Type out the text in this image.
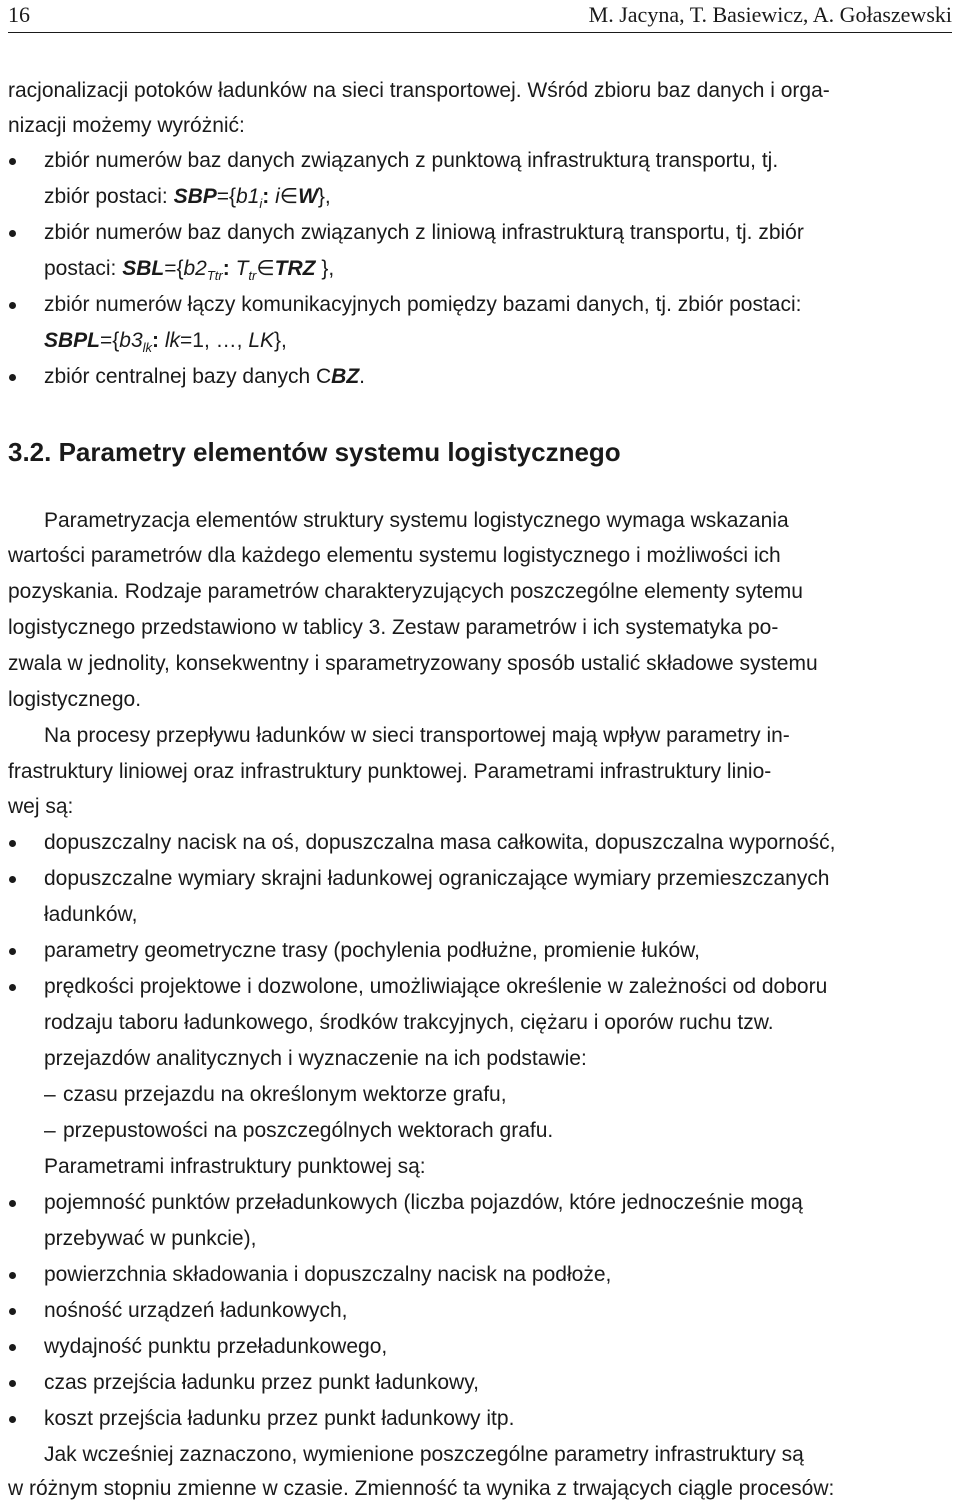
16	M. Jacyna, T. Basiewicz, A. Gołaszewski
racjonalizacji potoków ładunków na sieci transportowej. Wśród zbioru baz danych i orga-
nizacji możemy wyróżnić:
zbiór numerów baz danych związanych z punktową infrastrukturą transportu, tj.
zbiór postaci: $SBP=\{b1_i$: i∈W},
zbiór numerów baz danych związanych z liniową infrastrukturą transportu, tj. zbiór
postaci: $SBL=\{b2_{Ttr}$: $T_{tr}\in TRZ$ },
zbiór numerów łączy komunikacyjnych pomiędzy bazami danych, tj. zbiór postaci:
$SBPL=\{b3_{lk}$: lk=1, …, LK},
zbiór centralnej bazy danych CBZ.
3.2. Parametry elementów systemu logistycznego
Parametryzacja elementów struktury systemu logistycznego wymaga wskazania
wartości parametrów dla każdego elementu systemu logistycznego i możliwości ich
pozyskania. Rodzaje parametrów charakteryzujących poszczególne elementy sytemu
logistycznego przedstawiono w tablicy 3. Zestaw parametrów i ich systematyka po-
zwala w jednolity, konsekwentny i sparametryzowany sposób ustalić składowe systemu
logistycznego.
Na procesy przepływu ładunków w sieci transportowej mają wpływ parametry in-
frastruktury liniowej oraz infrastruktury punktowej. Parametrami infrastruktury linio-
wej są:
dopuszczalny nacisk na oś, dopuszczalna masa całkowita, dopuszczalna wyporność,
dopuszczalne wymiary skrajni ładunkowej ograniczające wymiary przemieszczanych
ładunków,
parametry geometryczne trasy (pochylenia podłużne, promienie łuków,
prędkości projektowe i dozwolone, umożliwiające określenie w zależności od doboru
rodzaju taboru ładunkowego, środków trakcyjnych, ciężaru i oporów ruchu tzw.
przejazdów analitycznych i wyznaczenie na ich podstawie:
– czasu przejazdu na określonym wektorze grafu,
– przepustowości na poszczególnych wektorach grafu.
Parametrami infrastruktury punktowej są:
pojemność punktów przeładunkowych (liczba pojazdów, które jednocześnie mogą
przebywać w punkcie),
powierzchnia składowania i dopuszczalny nacisk na podłoże,
nośność urządzeń ładunkowych,
wydajność punktu przeładunkowego,
czas przejścia ładunku przez punkt ładunkowy,
koszt przejścia ładunku przez punkt ładunkowy itp.
Jak wcześniej zaznaczono, wymienione poszczególne parametry infrastruktury są
w różnym stopniu zmienne w czasie. Zmienność ta wynika z trwających ciągle procesów:
